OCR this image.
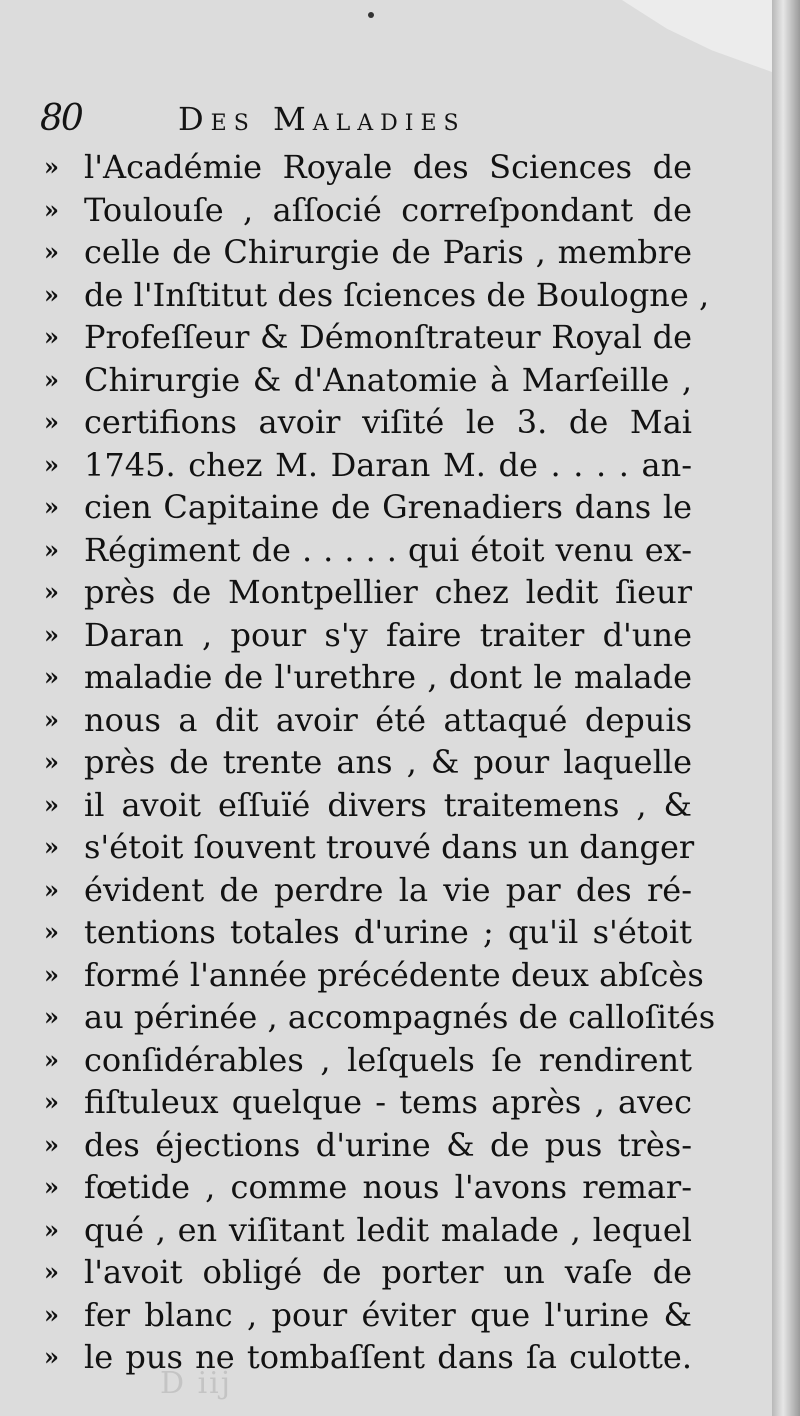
80	Des Maladies
» l'Académie Royale des Sciences de
» Toulouſe , aſſocié correſpondant de
» celle de Chirurgie de Paris , membre
» de l'Inſtitut des ſciences de Boulogne ,
» Profeſſeur & Démonſtrateur Royal de
» Chirurgie & d'Anatomie à Marſeille ,
» certifions avoir viſité le 3. de Mai
» 1745. chez M. Daran M. de . . . . an-
» cien Capitaine de Grenadiers dans le
» Régiment de . . . . . qui étoit venu ex-
» près de Montpellier chez ledit ſieur
» Daran , pour s'y faire traiter d'une
» maladie de l'urethre , dont le malade
» nous a dit avoir été attaqué depuis
» près de trente ans , & pour laquelle
» il avoit eſſuïé divers traitemens , &
» s'étoit ſouvent trouvé dans un danger
» évident de perdre la vie par des ré-
» tentions totales d'urine ; qu'il s'étoit
» formé l'année précédente deux abſcès
» au périnée , accompagnés de calloſités
» conſidérables , leſquels ſe rendirent
» fiſtuleux quelque - tems après , avec
» des éjections d'urine & de pus très-
» fœtide , comme nous l'avons remar-
» qué , en viſitant ledit malade , lequel
» l'avoit obligé de porter un vaſe de
» fer blanc , pour éviter que l'urine &
» le pus ne tombaſſent dans ſa culotte.
D iij
